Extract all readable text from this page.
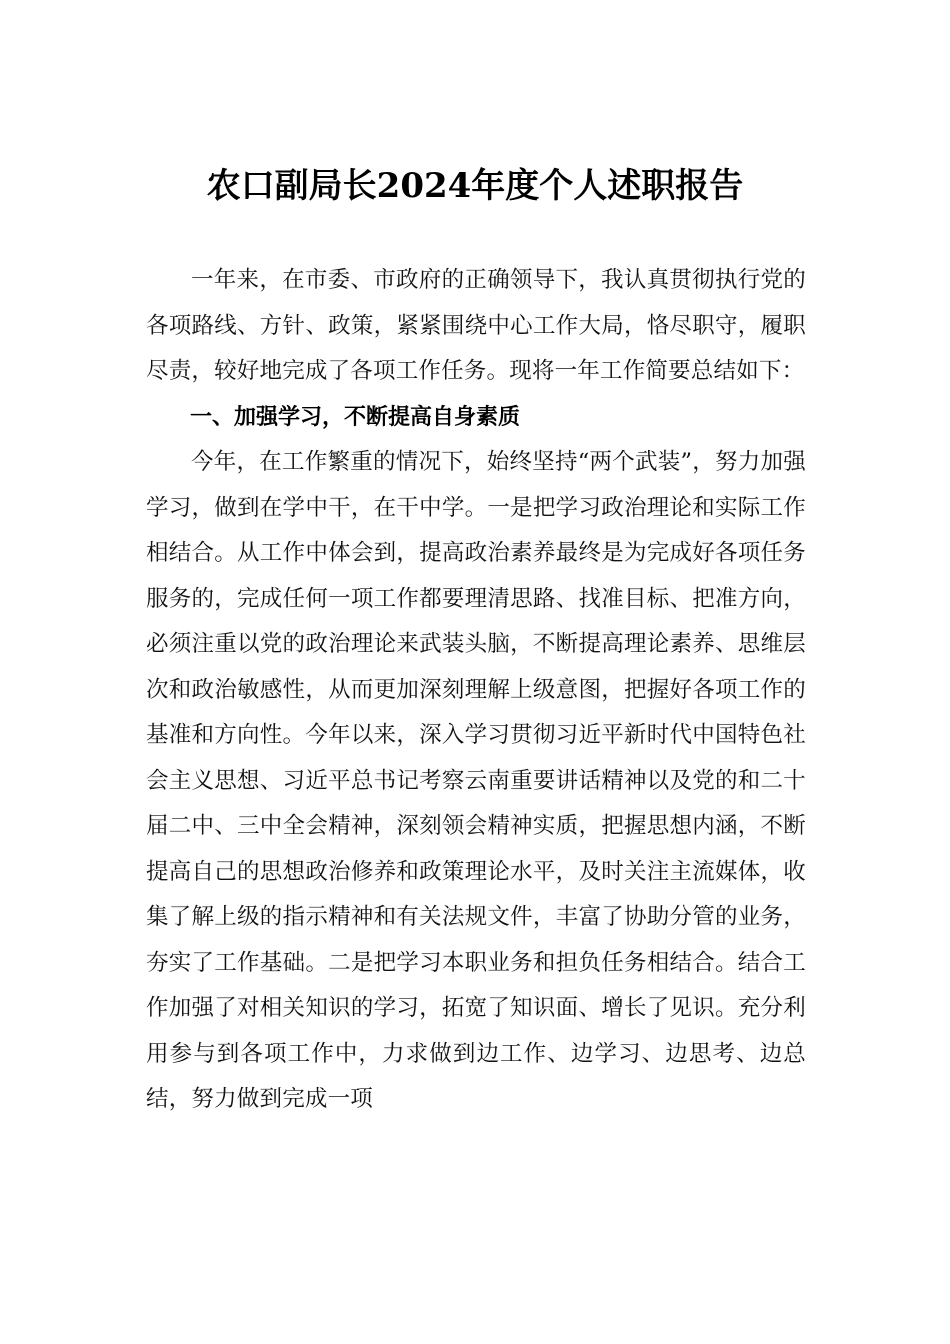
农口副局长2024年度个人述职报告

一年来，在市委、市政府的正确领导下，我认真贯彻执行党的各项路线、方针、政策，紧紧围绕中心工作大局，恪尽职守，履职尽责，较好地完成了各项工作任务。现将一年工作简要总结如下：

一、加强学习，不断提高自身素质

今年，在工作繁重的情况下，始终坚持“两个武装”，努力加强学习，做到在学中干，在干中学。一是把学习政治理论和实际工作相结合。从工作中体会到，提高政治素养最终是为完成好各项任务服务的，完成任何一项工作都要理清思路、找准目标、把准方向，必须注重以党的政治理论来武装头脑，不断提高理论素养、思维层次和政治敏感性，从而更加深刻理解上级意图，把握好各项工作的基准和方向性。今年以来，深入学习贯彻习近平新时代中国特色社会主义思想、习近平总书记考察云南重要讲话精神以及党的和二十届二中、三中全会精神，深刻领会精神实质，把握思想内涵，不断提高自己的思想政治修养和政策理论水平，及时关注主流媒体，收集了解上级的指示精神和有关法规文件，丰富了协助分管的业务，夯实了工作基础。二是把学习本职业务和担负任务相结合。结合工作加强了对相关知识的学习，拓宽了知识面、增长了见识。充分利用参与到各项工作中，力求做到边工作、边学习、边思考、边总结，努力做到完成一项
